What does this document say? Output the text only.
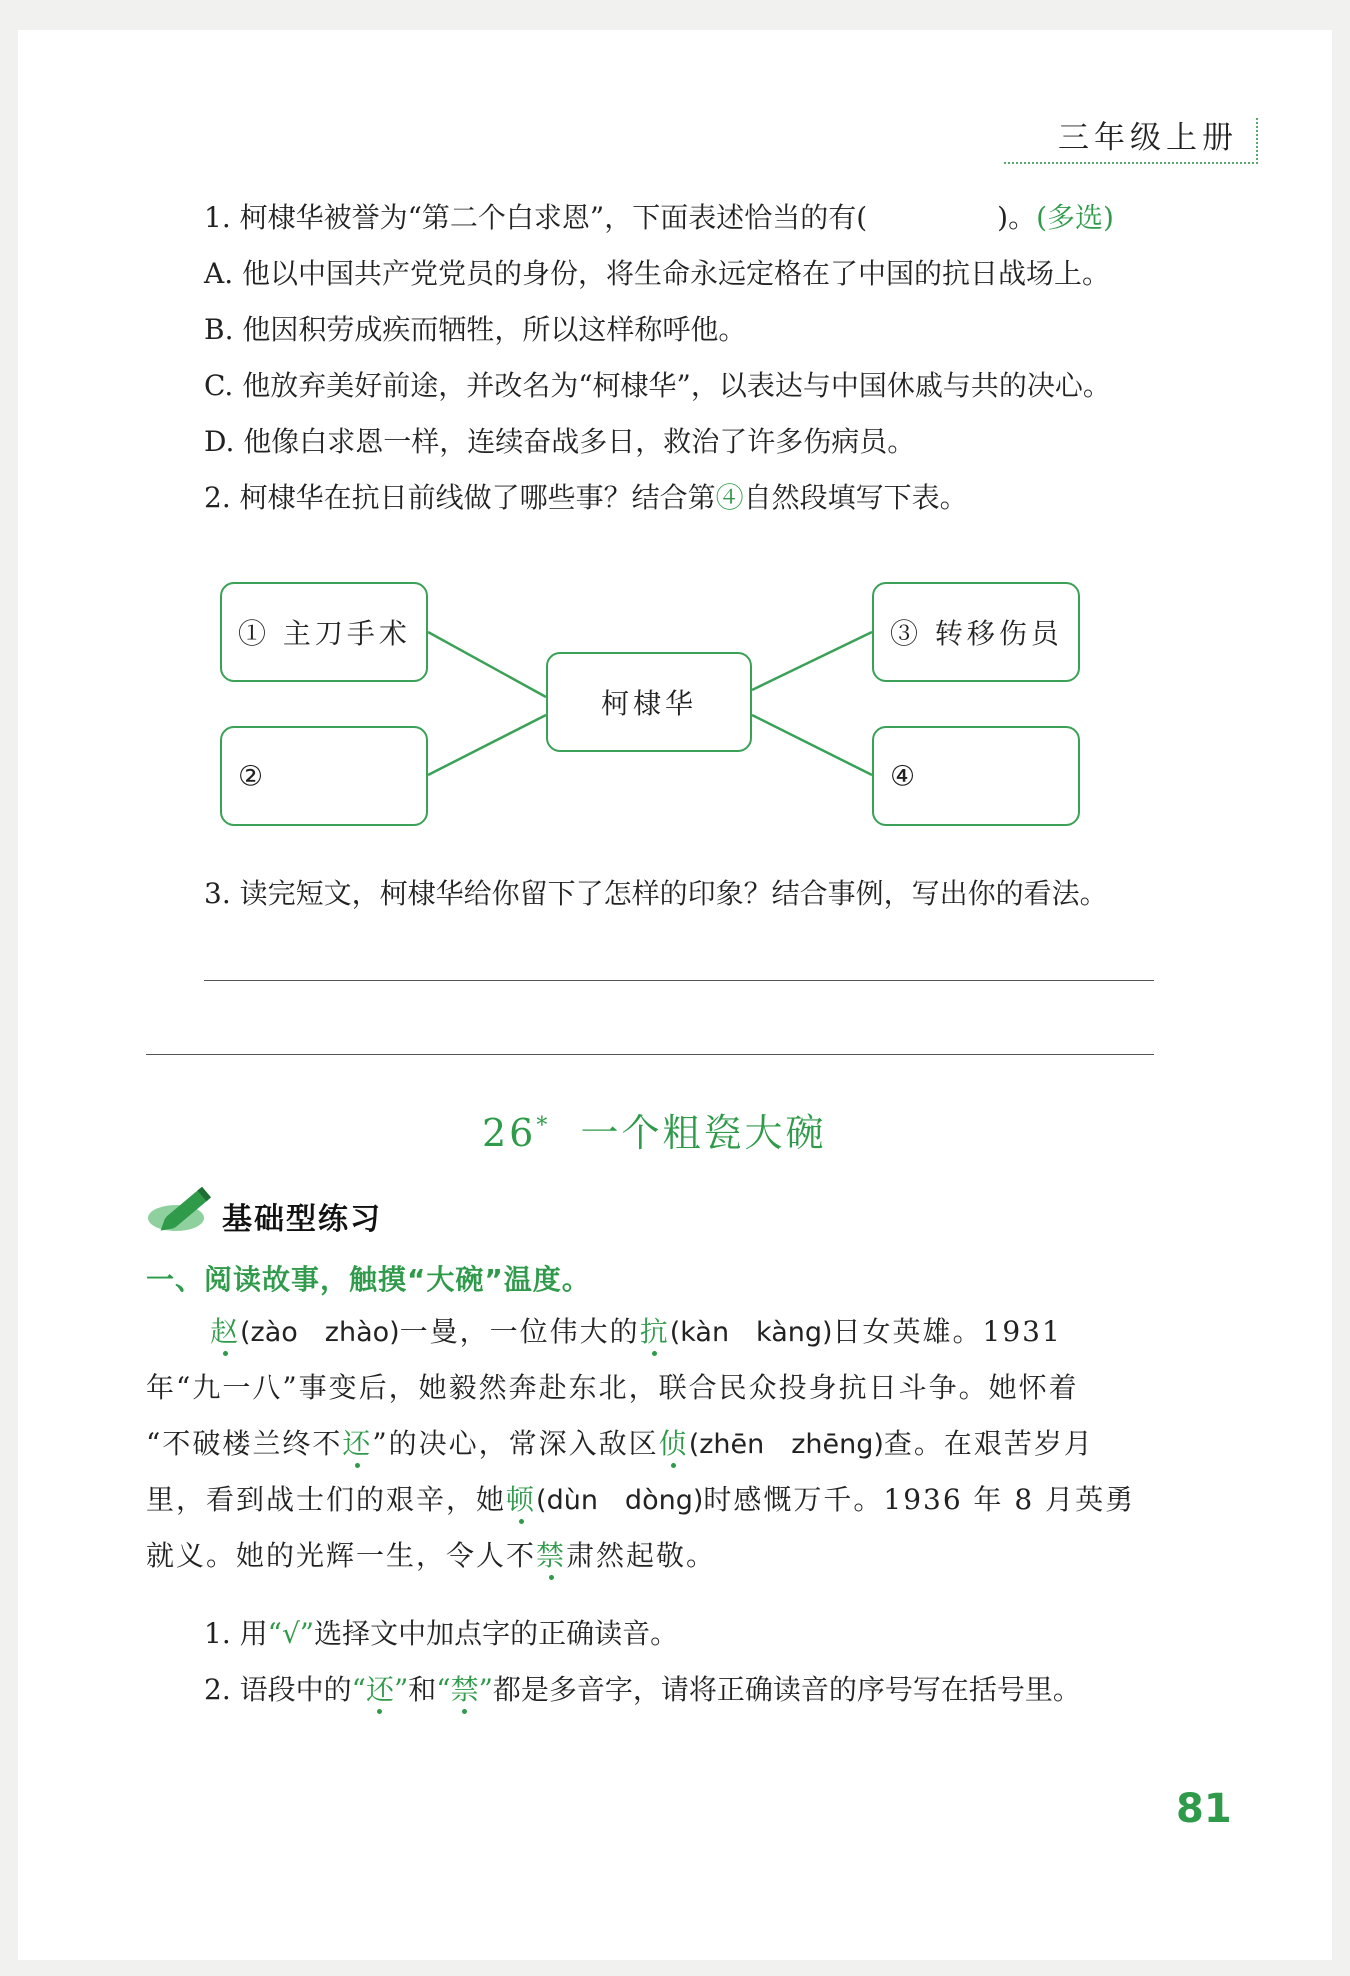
三年级上册
1. 柯棣华被誉为“第二个白求恩”，下面表述恰当的有(	)。(多选)
A. 他以中国共产党党员的身份，将生命永远定格在了中国的抗日战场上。
B. 他因积劳成疾而牺牲，所以这样称呼他。
C. 他放弃美好前途，并改名为“柯棣华”，以表达与中国休戚与共的决心。
D. 他像白求恩一样，连续奋战多日，救治了许多伤病员。
2. 柯棣华在抗日前线做了哪些事？结合第④自然段填写下表。
① 主刀手术
②
柯棣华
③ 转移伤员
④
3. 读完短文，柯棣华给你留下了怎样的印象？结合事例，写出你的看法。
26* 一个粗瓷大碗
基础型练习
一、阅读故事，触摸“大碗”温度。
赵(zào　zhào)一曼，一位伟大的抗(kàn　kàng)日女英雄。1931
年“九一八”事变后，她毅然奔赴东北，联合民众投身抗日斗争。她怀着
“不破楼兰终不还”的决心，常深入敌区侦(zhēn　zhēng)查。在艰苦岁月
里，看到战士们的艰辛，她顿(dùn　dòng)时感慨万千。1936 年 8 月英勇
就义。她的光辉一生，令人不禁肃然起敬。
1. 用“√”选择文中加点字的正确读音。
2. 语段中的“还”和“禁”都是多音字，请将正确读音的序号写在括号里。
81
